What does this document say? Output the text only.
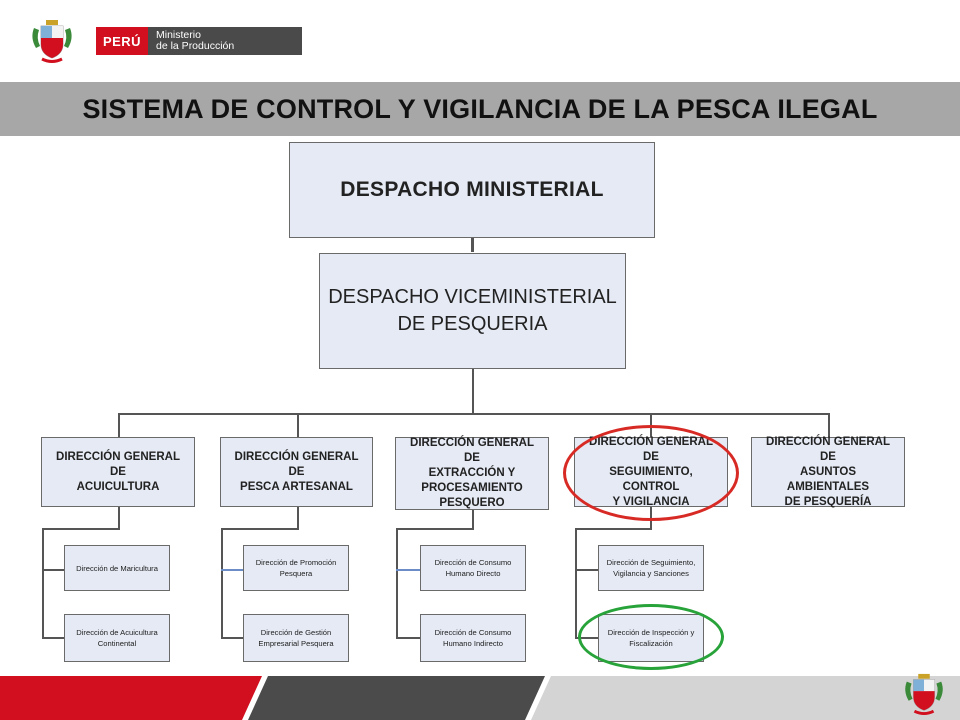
PERÚ	Ministerio
de la Producción
SISTEMA DE CONTROL Y VIGILANCIA DE LA PESCA ILEGAL
DESPACHO MINISTERIAL
DESPACHO VICEMINISTERIAL
DE PESQUERIA
DIRECCIÓN GENERAL DE
ACUICULTURA
DIRECCIÓN GENERAL DE
PESCA ARTESANAL
DIRECCIÓN GENERAL DE
EXTRACCIÓN Y
PROCESAMIENTO
PESQUERO
DIRECCIÓN GENERAL DE
SEGUIMIENTO, CONTROL
Y VIGILANCIA
DIRECCIÓN GENERAL DE
ASUNTOS AMBIENTALES
DE PESQUERÍA
Dirección de Maricultura
Dirección de Acuicultura
Continental
Dirección de Promoción
Pesquera
Dirección de Gestión
Empresarial Pesquera
Dirección de Consumo
Humano Directo
Dirección de Consumo
Humano Indirecto
Dirección de Seguimiento,
Vigilancia y Sanciones
Dirección de Inspección y
Fiscalización
